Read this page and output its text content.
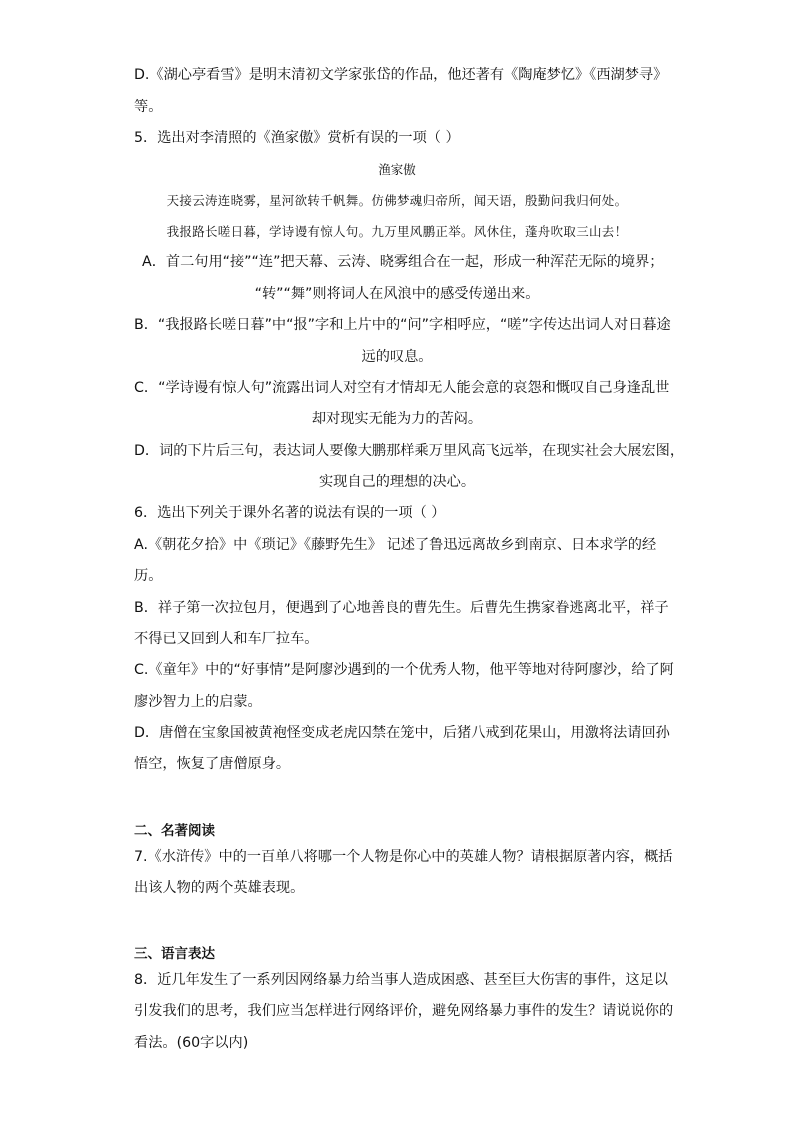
D.《湖心亭看雪》是明末清初文学家张岱的作品，他还著有《陶庵梦忆》《西湖梦寻》
等。
5．选出对李清照的《渔家傲》赏析有误的一项（ ）
渔家傲
天接云涛连晓雾，星河欲转千帆舞。仿佛梦魂归帝所，闻天语，殷勤问我归何处。
我报路长嗟日暮，学诗谩有惊人句。九万里风鹏正举。风休住，蓬舟吹取三山去！
A．首二句用“接”“连”把天幕、云涛、晓雾组合在一起，形成一种浑茫无际的境界；
“转”“舞”则将词人在风浪中的感受传递出来。
B．“我报路长嗟日暮”中“报”字和上片中的“问”字相呼应，“嗟”字传达出词人对日暮途
远的叹息。
C．“学诗谩有惊人句”流露出词人对空有才情却无人能会意的哀怨和慨叹自己身逢乱世
却对现实无能为力的苦闷。
D．词的下片后三句，表达词人要像大鹏那样乘万里风高飞远举，在现实社会大展宏图，
实现自己的理想的决心。
6．选出下列关于课外名著的说法有误的一项（ ）
A.《朝花夕拾》中《琐记》《藤野先生》 记述了鲁迅远离故乡到南京、日本求学的经
历。
B．祥子第一次拉包月，便遇到了心地善良的曹先生。后曹先生携家眷逃离北平，祥子
不得已又回到人和车厂拉车。
C.《童年》中的“好事情”是阿廖沙遇到的一个优秀人物，他平等地对待阿廖沙，给了阿
廖沙智力上的启蒙。
D．唐僧在宝象国被黄袍怪变成老虎囚禁在笼中，后猪八戒到花果山，用激将法请回孙
悟空，恢复了唐僧原身。
二、名著阅读
7.《水浒传》中的一百单八将哪一个人物是你心中的英雄人物？请根据原著内容，概括
出该人物的两个英雄表现。
三、语言表达
8．近几年发生了一系列因网络暴力给当事人造成困惑、甚至巨大伤害的事件，这足以
引发我们的思考，我们应当怎样进行网络评价，避免网络暴力事件的发生？请说说你的
看法。(60字以内)
